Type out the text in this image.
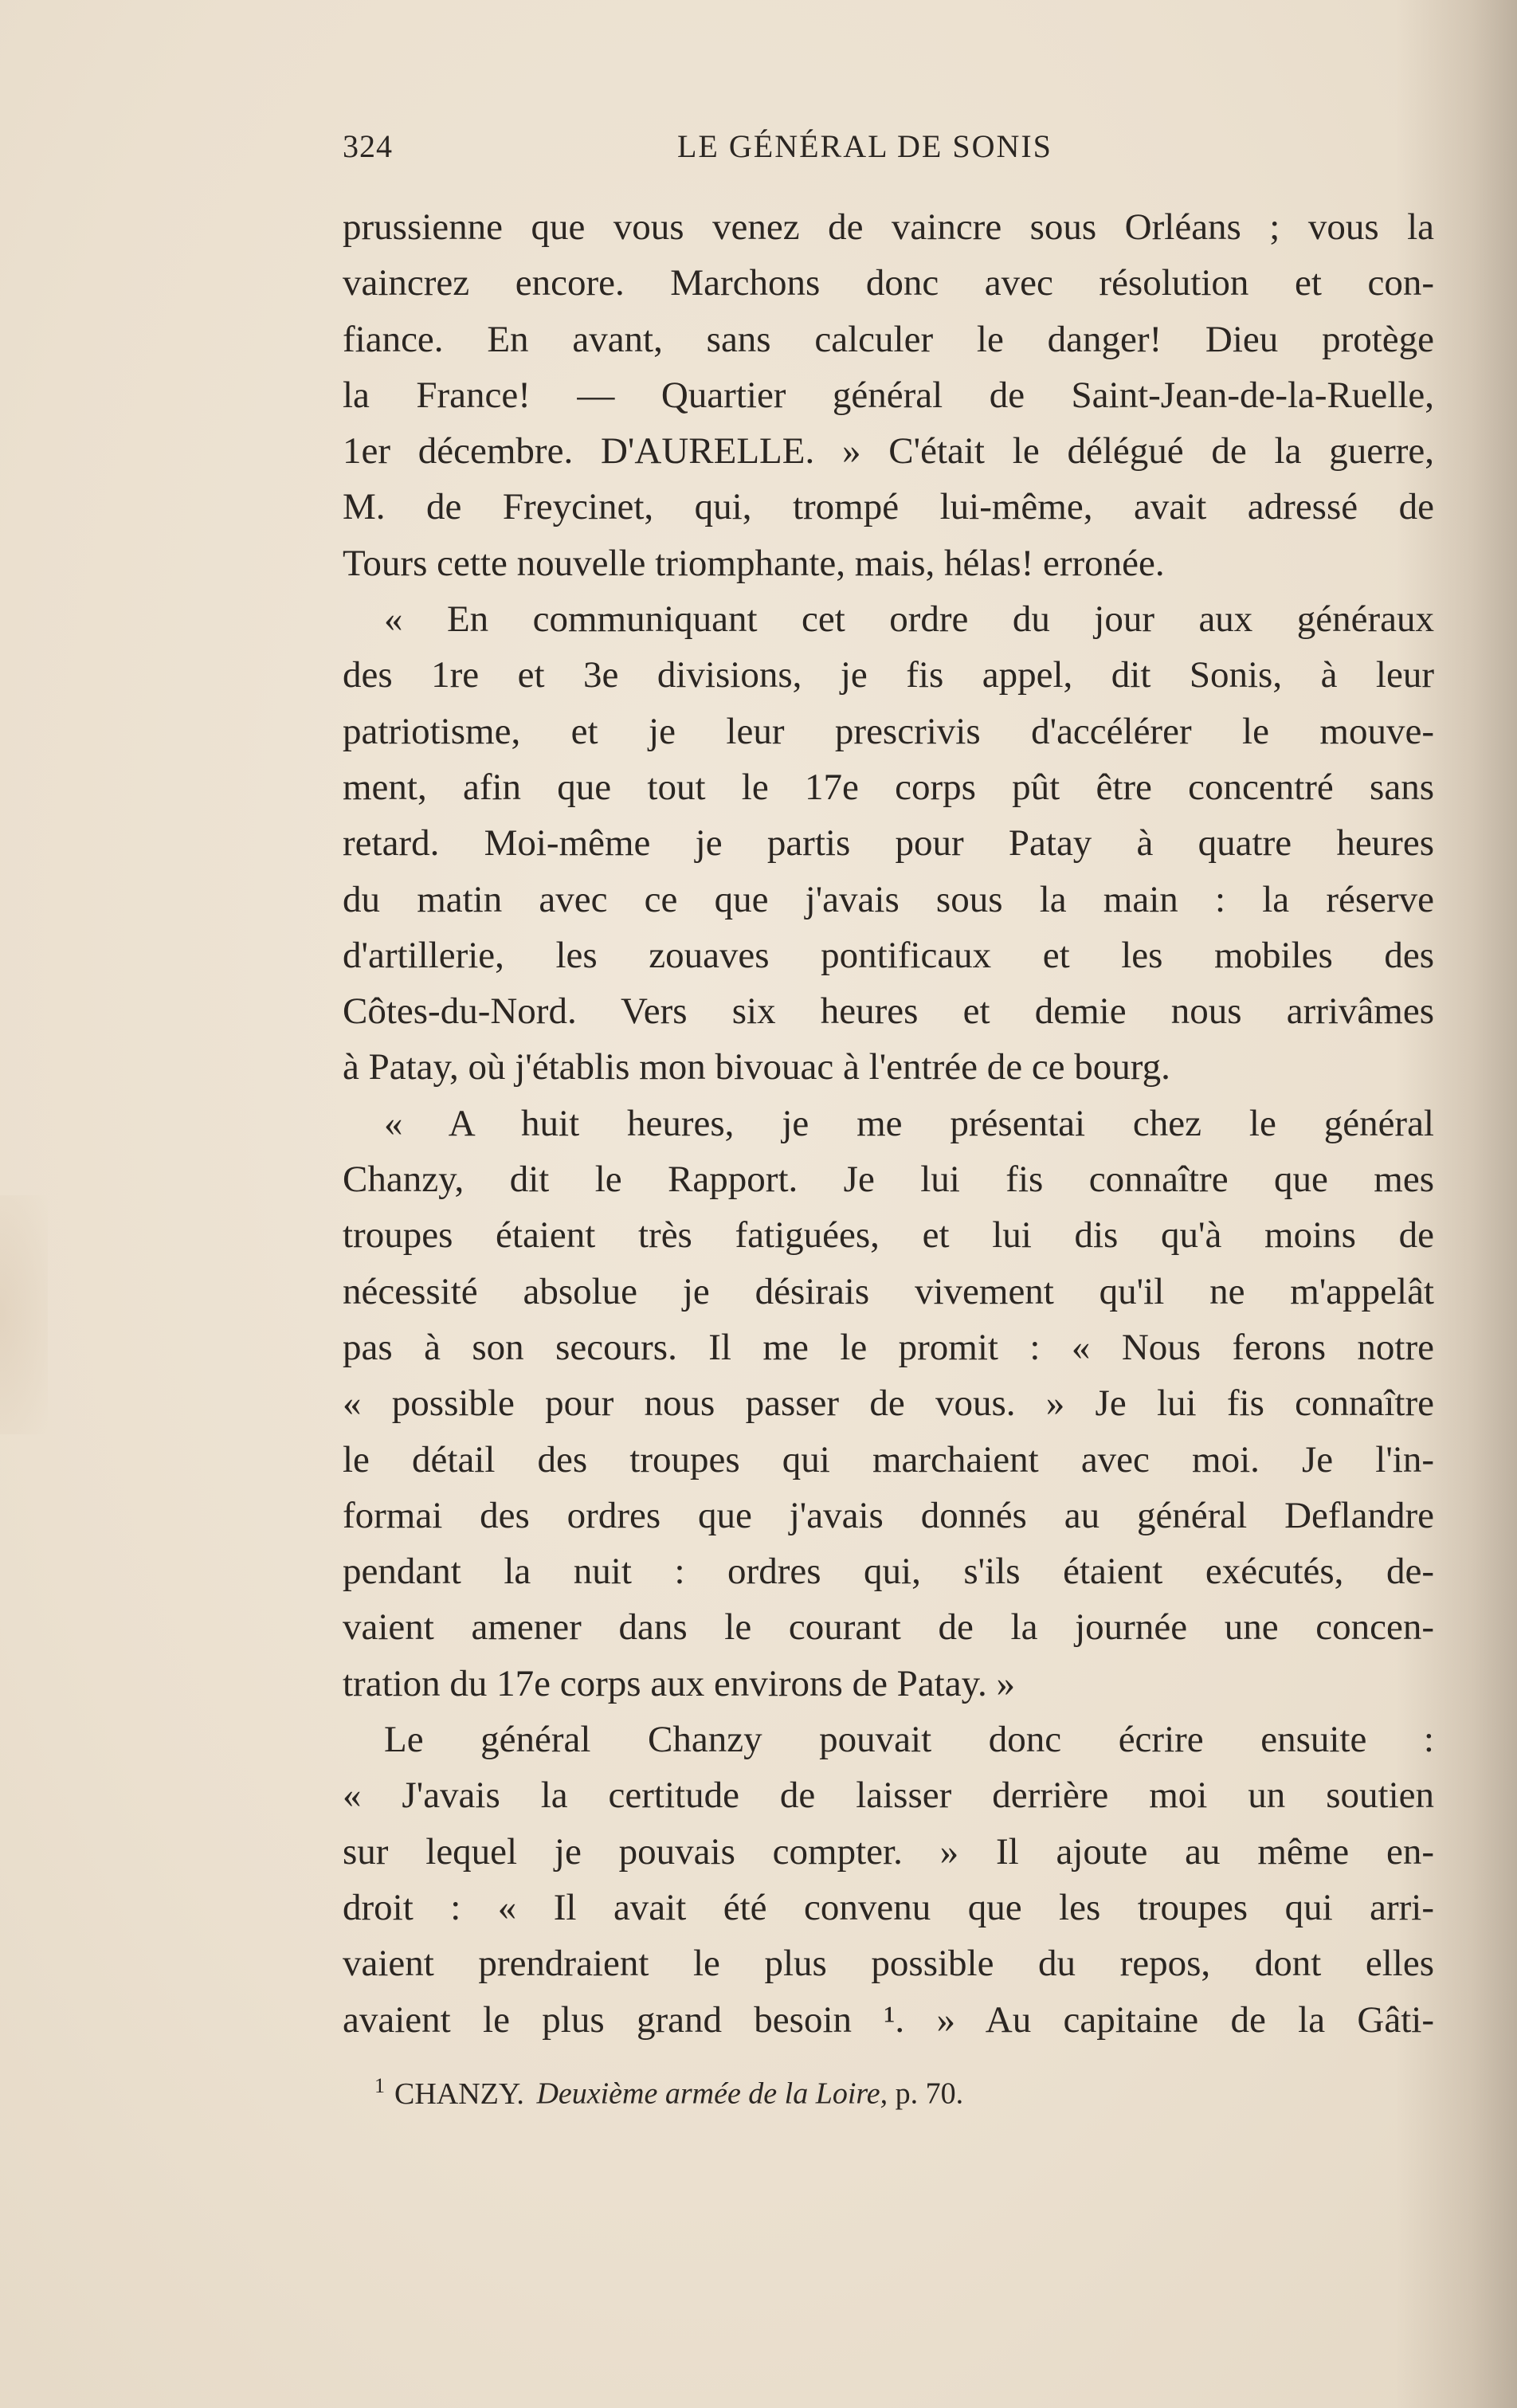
324	LE GÉNÉRAL DE SONIS
prussienne que vous venez de vaincre sous Orléans ; vous la
vaincrez encore. Marchons donc avec résolution et con-
fiance. En avant, sans calculer le danger! Dieu protège
la France! — Quartier général de Saint-Jean-de-la-Ruelle,
1er décembre. D'AURELLE. » C'était le délégué de la guerre,
M. de Freycinet, qui, trompé lui-même, avait adressé de
Tours cette nouvelle triomphante, mais, hélas! erronée.
« En communiquant cet ordre du jour aux généraux
des 1re et 3e divisions, je fis appel, dit Sonis, à leur
patriotisme, et je leur prescrivis d'accélérer le mouve-
ment, afin que tout le 17e corps pût être concentré sans
retard. Moi-même je partis pour Patay à quatre heures
du matin avec ce que j'avais sous la main : la réserve
d'artillerie, les zouaves pontificaux et les mobiles des
Côtes-du-Nord. Vers six heures et demie nous arrivâmes
à Patay, où j'établis mon bivouac à l'entrée de ce bourg.
« A huit heures, je me présentai chez le général
Chanzy, dit le Rapport. Je lui fis connaître que mes
troupes étaient très fatiguées, et lui dis qu'à moins de
nécessité absolue je désirais vivement qu'il ne m'appelât
pas à son secours. Il me le promit : « Nous ferons notre
« possible pour nous passer de vous. » Je lui fis connaître
le détail des troupes qui marchaient avec moi. Je l'in-
formai des ordres que j'avais donnés au général Deflandre
pendant la nuit : ordres qui, s'ils étaient exécutés, de-
vaient amener dans le courant de la journée une concen-
tration du 17e corps aux environs de Patay. »
Le général Chanzy pouvait donc écrire ensuite :
« J'avais la certitude de laisser derrière moi un soutien
sur lequel je pouvais compter. » Il ajoute au même en-
droit : « Il avait été convenu que les troupes qui arri-
vaient prendraient le plus possible du repos, dont elles
avaient le plus grand besoin ¹. » Au capitaine de la Gâti-
$^1$ CHANZY. Deuxième armée de la Loire, p. 70.
